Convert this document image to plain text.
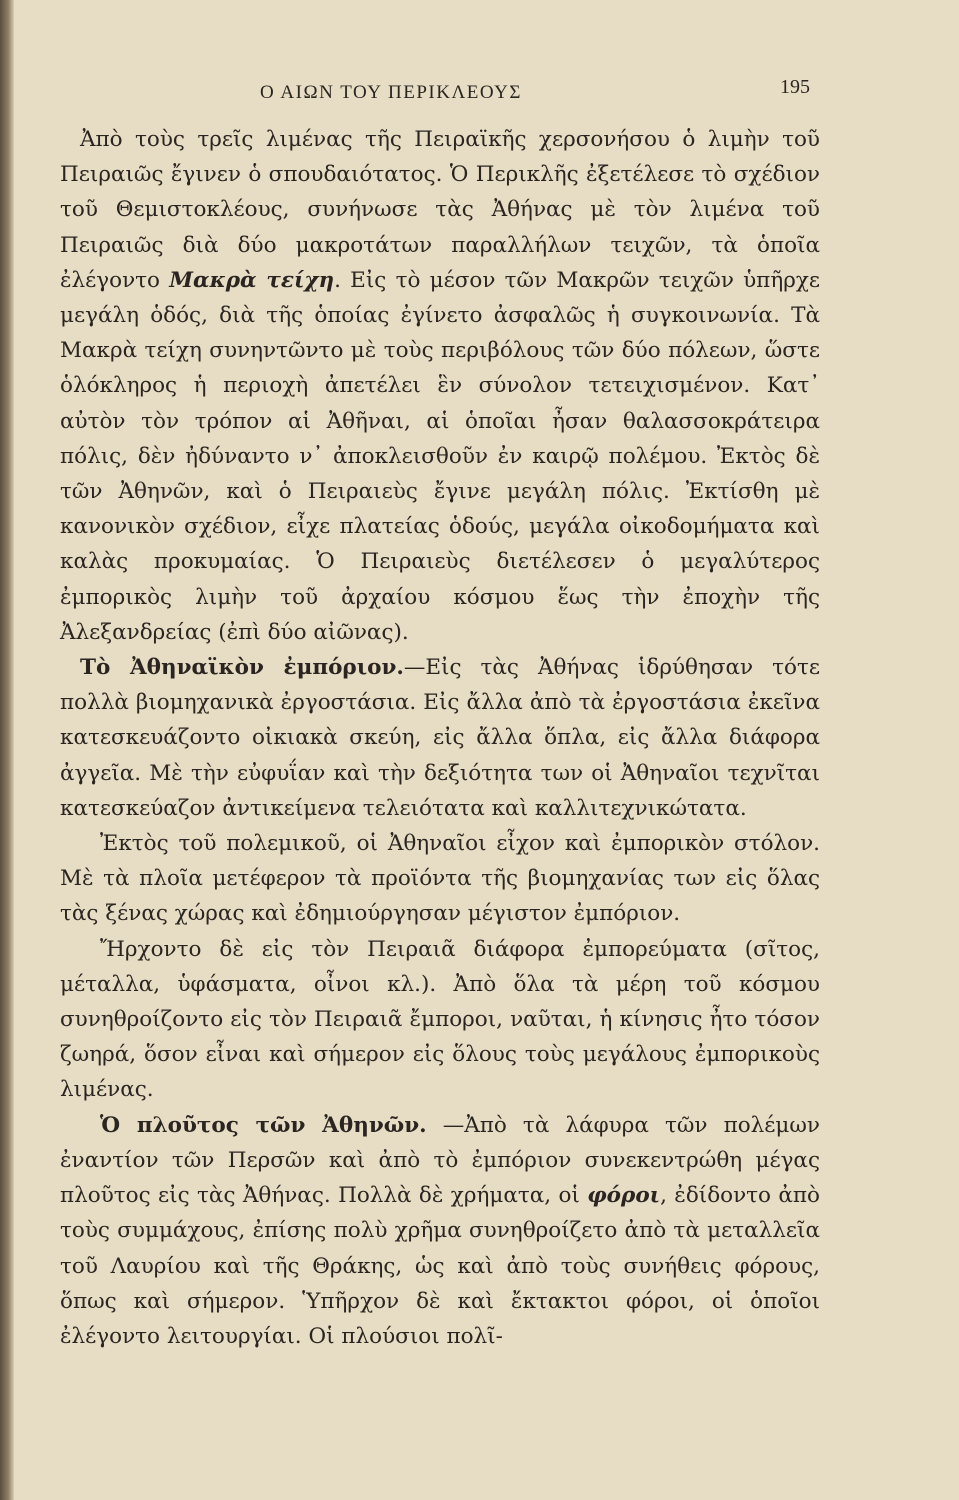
Ο ΑΙΩΝ ΤΟΥ ΠΕΡΙΚΛΕΟΥΣ	195

Ἀπὸ τοὺς τρεῖς λιμένας τῆς Πειραϊκῆς χερσονήσου ὁ λιμὴν τοῦ Πειραιῶς ἔγινεν ὁ σπουδαιότατος. Ὁ Περικλῆς ἐξετέλεσε τὸ σχέδιον τοῦ Θεμιστοκλέους, συνήνωσε τὰς Ἀθήνας μὲ τὸν λιμένα τοῦ Πειραιῶς διὰ δύο μακροτάτων παραλλήλων τειχῶν, τὰ ὁποῖα ἐλέγοντο Μακρὰ τείχη. Εἰς τὸ μέσον τῶν Μακρῶν τειχῶν ὑπῆρχε μεγάλη ὁδός, διὰ τῆς ὁποίας ἐγίνετο ἀσφαλῶς ἡ συγκοινωνία. Τὰ Μακρὰ τείχη συνηντῶντο μὲ τοὺς περιβόλους τῶν δύο πόλεων, ὥστε ὁλόκληρος ἡ περιοχὴ ἀπετέλει ἓν σύνολον τετειχισμένον. Κατ᾿ αὐτὸν τὸν τρόπον αἱ Ἀθῆναι, αἱ ὁποῖαι ἦσαν θαλασσοκράτειρα πόλις, δὲν ἠδύναντο ν᾿ ἀποκλεισθοῦν ἐν καιρῷ πολέμου. Ἐκτὸς δὲ τῶν Ἀθηνῶν, καὶ ὁ Πειραιεὺς ἔγινε μεγάλη πόλις. Ἐκτίσθη μὲ κανονικὸν σχέδιον, εἶχε πλατείας ὁδούς, μεγάλα οἰκοδομήματα καὶ καλὰς προκυμαίας. Ὁ Πειραιεὺς διετέλεσεν ὁ μεγαλύτερος ἐμπορικὸς λιμὴν τοῦ ἀρχαίου κόσμου ἕως τὴν ἐποχὴν τῆς Ἀλεξανδρείας (ἐπὶ δύο αἰῶνας).

Τὸ Ἀθηναϊκὸν ἐμπόριον.—Εἰς τὰς Ἀθήνας ἱδρύθησαν τότε πολλὰ βιομηχανικὰ ἐργοστάσια. Εἰς ἄλλα ἀπὸ τὰ ἐργοστάσια ἐκεῖνα κατεσκευάζοντο οἰκιακὰ σκεύη, εἰς ἄλλα ὅπλα, εἰς ἄλλα διάφορα ἀγγεῖα. Μὲ τὴν εὐφυΐαν καὶ τὴν δεξιότητα των οἱ Ἀθηναῖοι τεχνῖται κατεσκεύαζον ἀντικείμενα τελειότατα καὶ καλλιτεχνικώτατα.

Ἐκτὸς τοῦ πολεμικοῦ, οἱ Ἀθηναῖοι εἶχον καὶ ἐμπορικὸν στόλον. Μὲ τὰ πλοῖα μετέφερον τὰ προϊόντα τῆς βιομηχανίας των εἰς ὅλας τὰς ξένας χώρας καὶ ἐδημιούργησαν μέγιστον ἐμπόριον.

Ἤρχοντο δὲ εἰς τὸν Πειραιᾶ διάφορα ἐμπορεύματα (σῖτος, μέταλλα, ὑφάσματα, οἶνοι κλ.). Ἀπὸ ὅλα τὰ μέρη τοῦ κόσμου συνηθροίζοντο εἰς τὸν Πειραιᾶ ἔμποροι, ναῦται, ἡ κίνησις ἦτο τόσον ζωηρά, ὅσον εἶναι καὶ σήμερον εἰς ὅλους τοὺς μεγάλους ἐμπορικοὺς λιμένας.

Ὁ πλοῦτος τῶν Ἀθηνῶν. —Ἀπὸ τὰ λάφυρα τῶν πολέμων ἐναντίον τῶν Περσῶν καὶ ἀπὸ τὸ ἐμπόριον συνεκεντρώθη μέγας πλοῦτος εἰς τὰς Ἀθήνας. Πολλὰ δὲ χρήματα, οἱ φόροι, ἐδίδοντο ἀπὸ τοὺς συμμάχους, ἐπίσης πολὺ χρῆμα συνηθροίζετο ἀπὸ τὰ μεταλλεῖα τοῦ Λαυρίου καὶ τῆς Θράκης, ὡς καὶ ἀπὸ τοὺς συνήθεις φόρους, ὅπως καὶ σήμερον. Ὑπῆρχον δὲ καὶ ἔκτακτοι φόροι, οἱ ὁποῖοι ἐλέγοντο λειτουργίαι. Οἱ πλούσιοι πολῖ-
